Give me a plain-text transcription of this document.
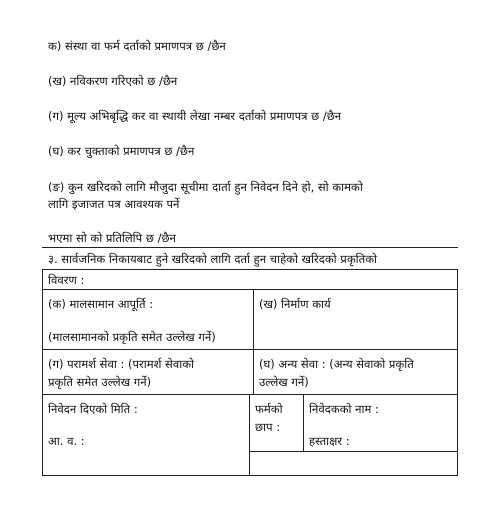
क) संस्था वा फर्म दर्ताको प्रमाणपत्र छ /छैन
(ख) नविकरण गरिएको छ /छैन
(ग) मूल्य अभिबृद्धि कर वा स्थायी लेखा नम्बर दर्ताको प्रमाणपत्र छ /छैन
(घ) कर चुक्ताको प्रमाणपत्र छ /छैन
(ङ) कुन खरिदको लागि मौजुदा सूचीमा दार्ता हुन निवेदन दिने हो, सो कामको
लागि इजाजत पत्र आवश्यक पर्ने
भएमा सो को प्रतिलिपि छ /छैन
३. सार्वजनिक निकायबाट हुने खरिदको लागि दर्ता हुन चाहेको खरिदको प्रकृतिको
विवरण :
(क) मालसामान आपूर्ति :
(मालसामानको प्रकृति समेत उल्लेख गर्ने)
(ख) निर्माण कार्य
(ग) परामर्श सेवा : (परामर्श सेवाको
प्रकृति समेत उल्लेख गर्ने)
(घ) अन्य सेवा : (अन्य सेवाको प्रकृति
उल्लेख गर्ने)
निवेदन दिएको मिति :
आ. व. :
फर्मको
छाप :
निवेदकको नाम :
हस्ताक्षर :
